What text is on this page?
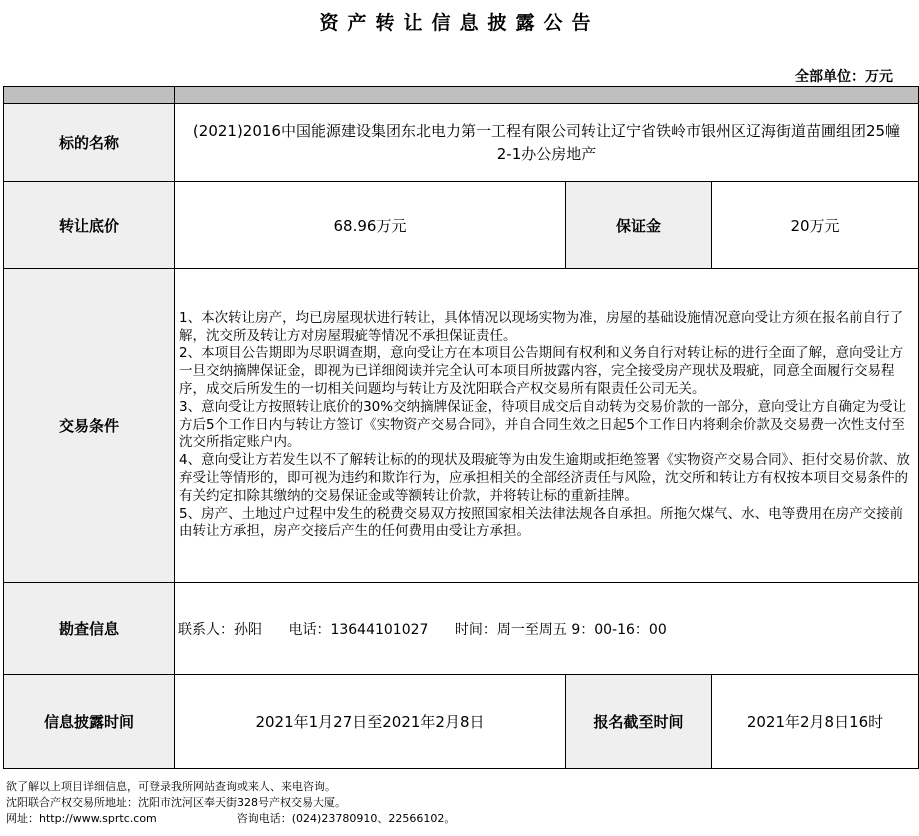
资产转让信息披露公告
全部单位：万元

标的名称	(2021)2016中国能源建设集团东北电力第一工程有限公司转让辽宁省铁岭市银州区辽海街道苗圃组团25幢2-1办公房地产		
转让底价	68.96万元	保证金	20万元
交易条件	1、本次转让房产，均已房屋现状进行转让，具体情况以现场实物为准，房屋的基础设施情况意向受让方须在报名前自行了解，沈交所及转让方对房屋瑕疵等情况不承担保证责任。

2、本项目公告期即为尽职调查期，意向受让方在本项目公告期间有权利和义务自行对转让标的进行全面了解，意向受让方一旦交纳摘牌保证金，即视为已详细阅读并完全认可本项目所披露内容，完全接受房产现状及瑕疵，同意全面履行交易程序，成交后所发生的一切相关问题均与转让方及沈阳联合产权交易所有限责任公司无关。

3、意向受让方按照转让底价的30%交纳摘牌保证金，待项目成交后自动转为交易价款的一部分，意向受让方自确定为受让方后5个工作日内与转让方签订《实物资产交易合同》，并自合同生效之日起5个工作日内将剩余价款及交易费一次性支付至沈交所指定账户内。

4、意向受让方若发生以不了解转让标的的现状及瑕疵等为由发生逾期或拒绝签署《实物资产交易合同》、拒付交易价款、放弃受让等情形的，即可视为违约和欺诈行为，应承担相关的全部经济责任与风险，沈交所和转让方有权按本项目交易条件的有关约定扣除其缴纳的交易保证金或等额转让价款，并将转让标的重新挂牌。

5、房产、土地过户过程中发生的税费交易双方按照国家相关法律法规各自承担。所拖欠煤气、水、电等费用在房产交接前由转让方承担，房产交接后产生的任何费用由受让方承担。		

勘查信息	联系人：孙阳 电话：13644101027 时间：周一至周五 9：00-16：00		
信息披露时间	2021年1月27日至2021年2月8日	报名截至时间	2021年2月8日16时
欲了解以上项目详细信息，可登录我所网站查询或来人、来电咨询。
沈阳联合产权交易所地址：沈阳市沈河区奉天街328号产权交易大厦。
网址：http://www.sprtc.com	咨询电话：(024)23780910、22566102。
